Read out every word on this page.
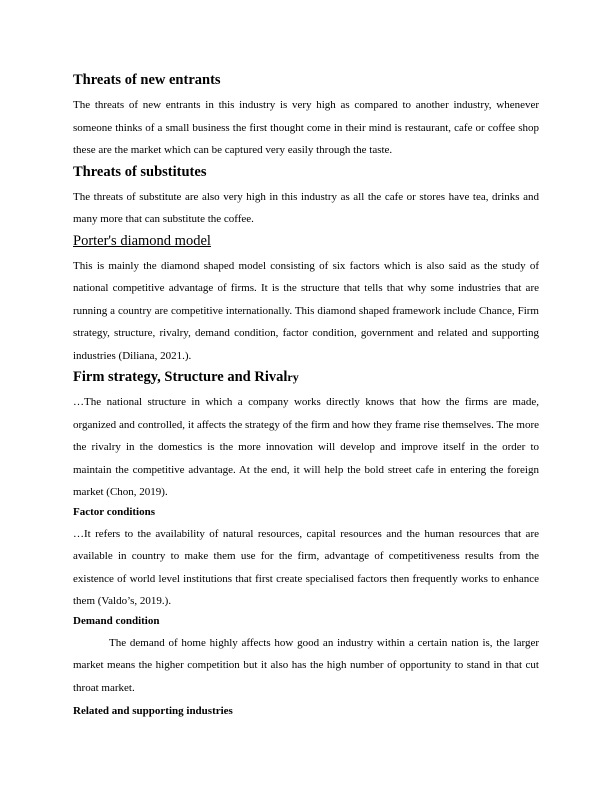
Threats of new entrants

The threats of new entrants in this industry is very high as compared to another industry, whenever someone thinks of a small business the first thought come in their mind is restaurant, cafe or coffee shop these are the market which can be captured very easily through the taste.

Threats of substitutes

The threats of substitute are also very high in this industry as all the cafe or stores have tea, drinks and many more that can substitute the coffee.

Porter's diamond model

This is mainly the diamond shaped model consisting of six factors which is also said as the study of national competitive advantage of firms. It is the structure that tells that why some industries that are running a country are competitive internationally. This diamond shaped framework include Chance, Firm strategy, structure, rivalry, demand condition, factor condition, government and related and supporting industries (Diliana, 2021.).

Firm strategy, Structure and Rivalry

…The national structure in which a company works directly knows that how the firms are made, organized and controlled, it affects the strategy of the firm and how they frame rise themselves. The more the rivalry in the domestics is the more innovation will develop and improve itself in the order to maintain the competitive advantage. At the end, it will help the bold street cafe in entering the foreign market (Chon, 2019).

Factor conditions

…It refers to the availability of natural resources, capital resources and the human resources that are available in country to make them use for the firm, advantage of competitiveness results from the existence of world level institutions that first create specialised factors then frequently works to enhance them (Valdo’s, 2019.).

Demand condition

The demand of home highly affects how good an industry within a certain nation is, the larger market means the higher competition but it also has the high number of opportunity to stand in that cut throat market.

Related and supporting industries
